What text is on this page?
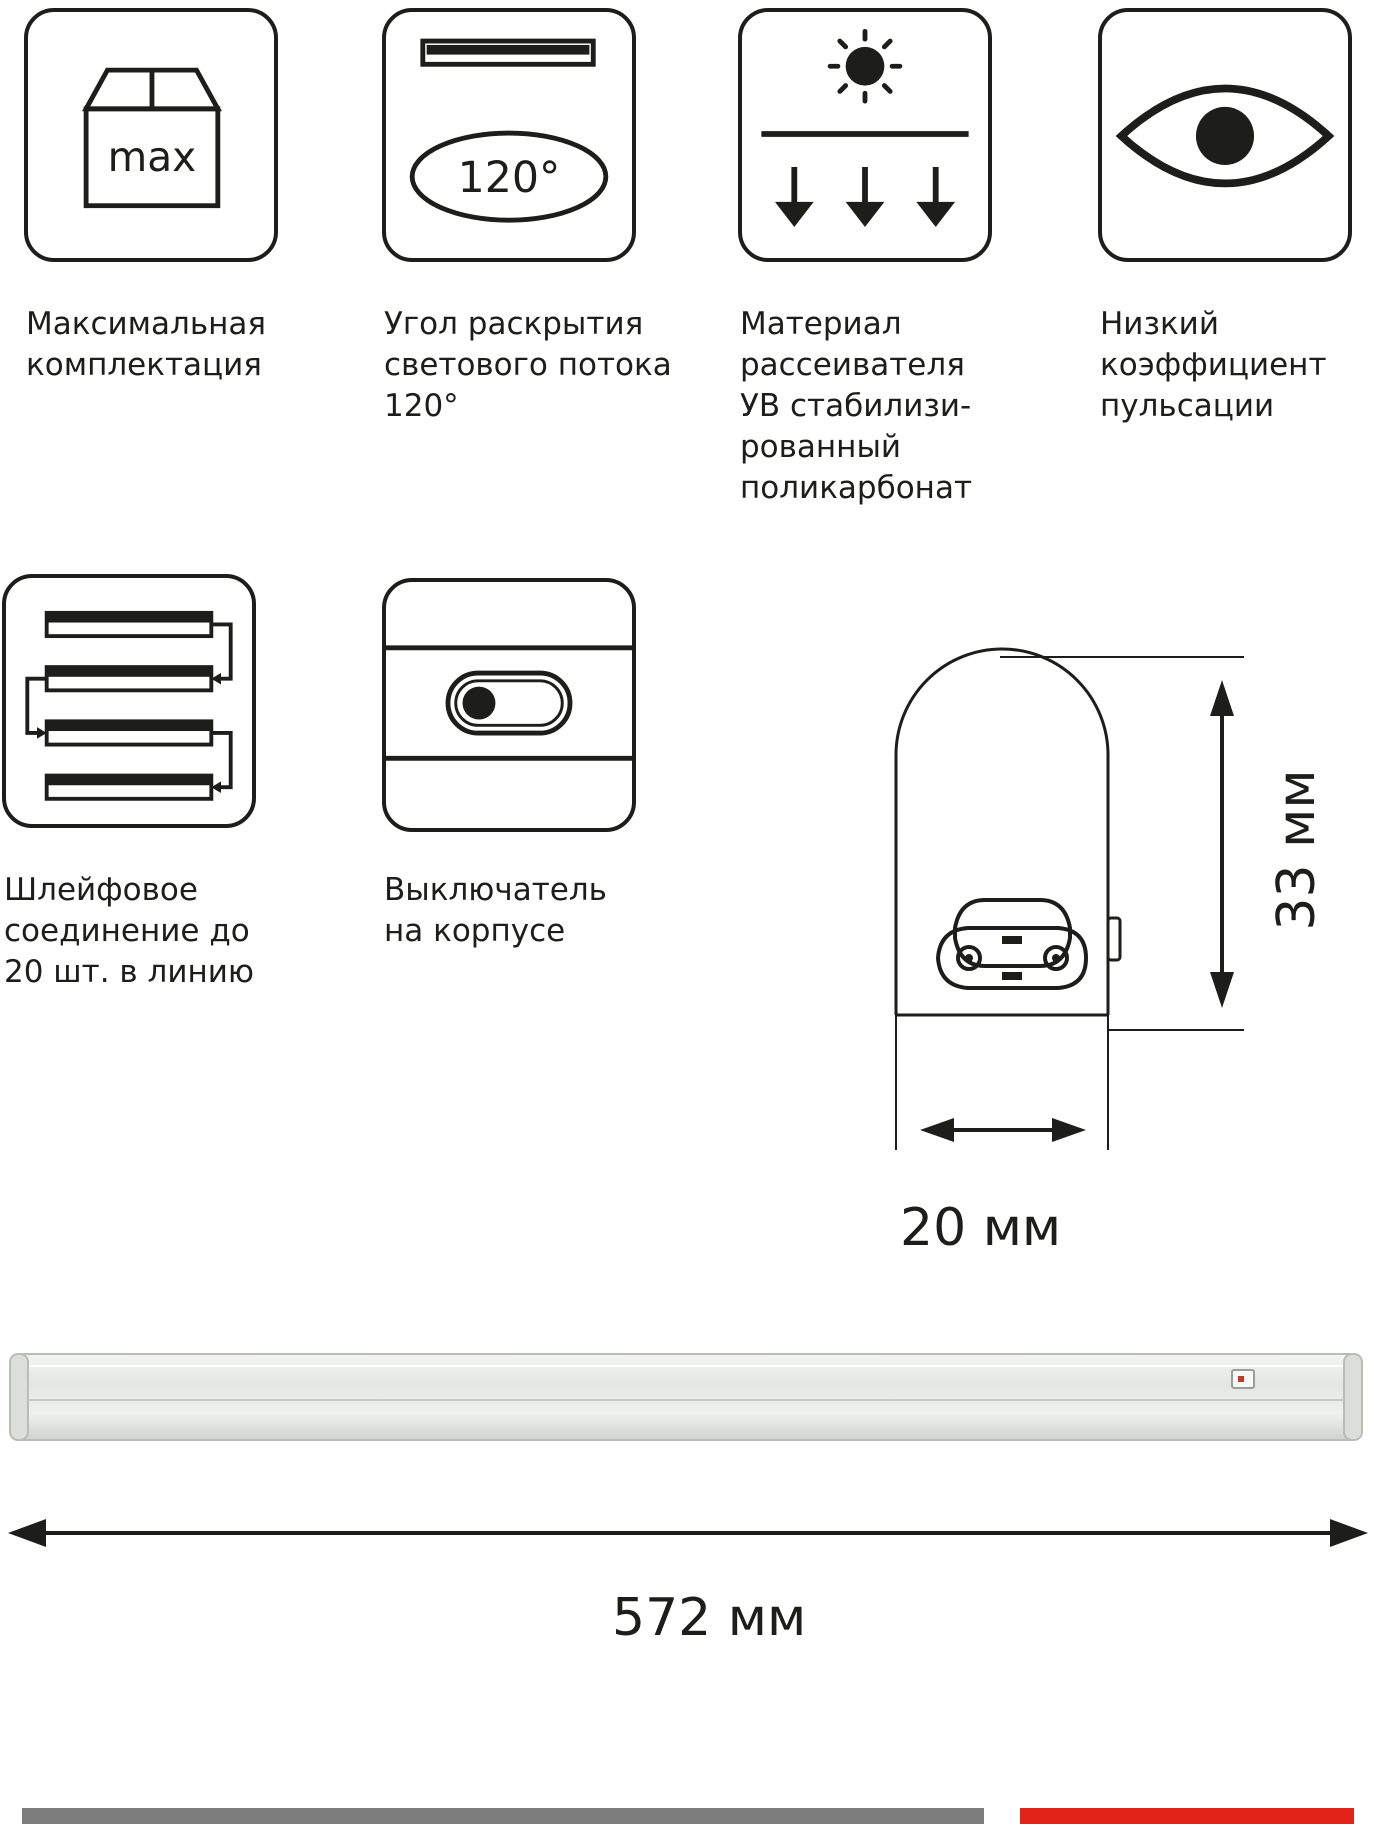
max	120°
Максимальная
комплектация
Угол раскрытия
светового потока
120°
Материал
рассеивателя
УВ стабилизи-
рованный
поликарбонат
Низкий
коэффициент
пульсации
Шлейфовое
соединение до
20 шт. в линию
Выключатель
на корпусе
33 мм
20 мм
572 мм
